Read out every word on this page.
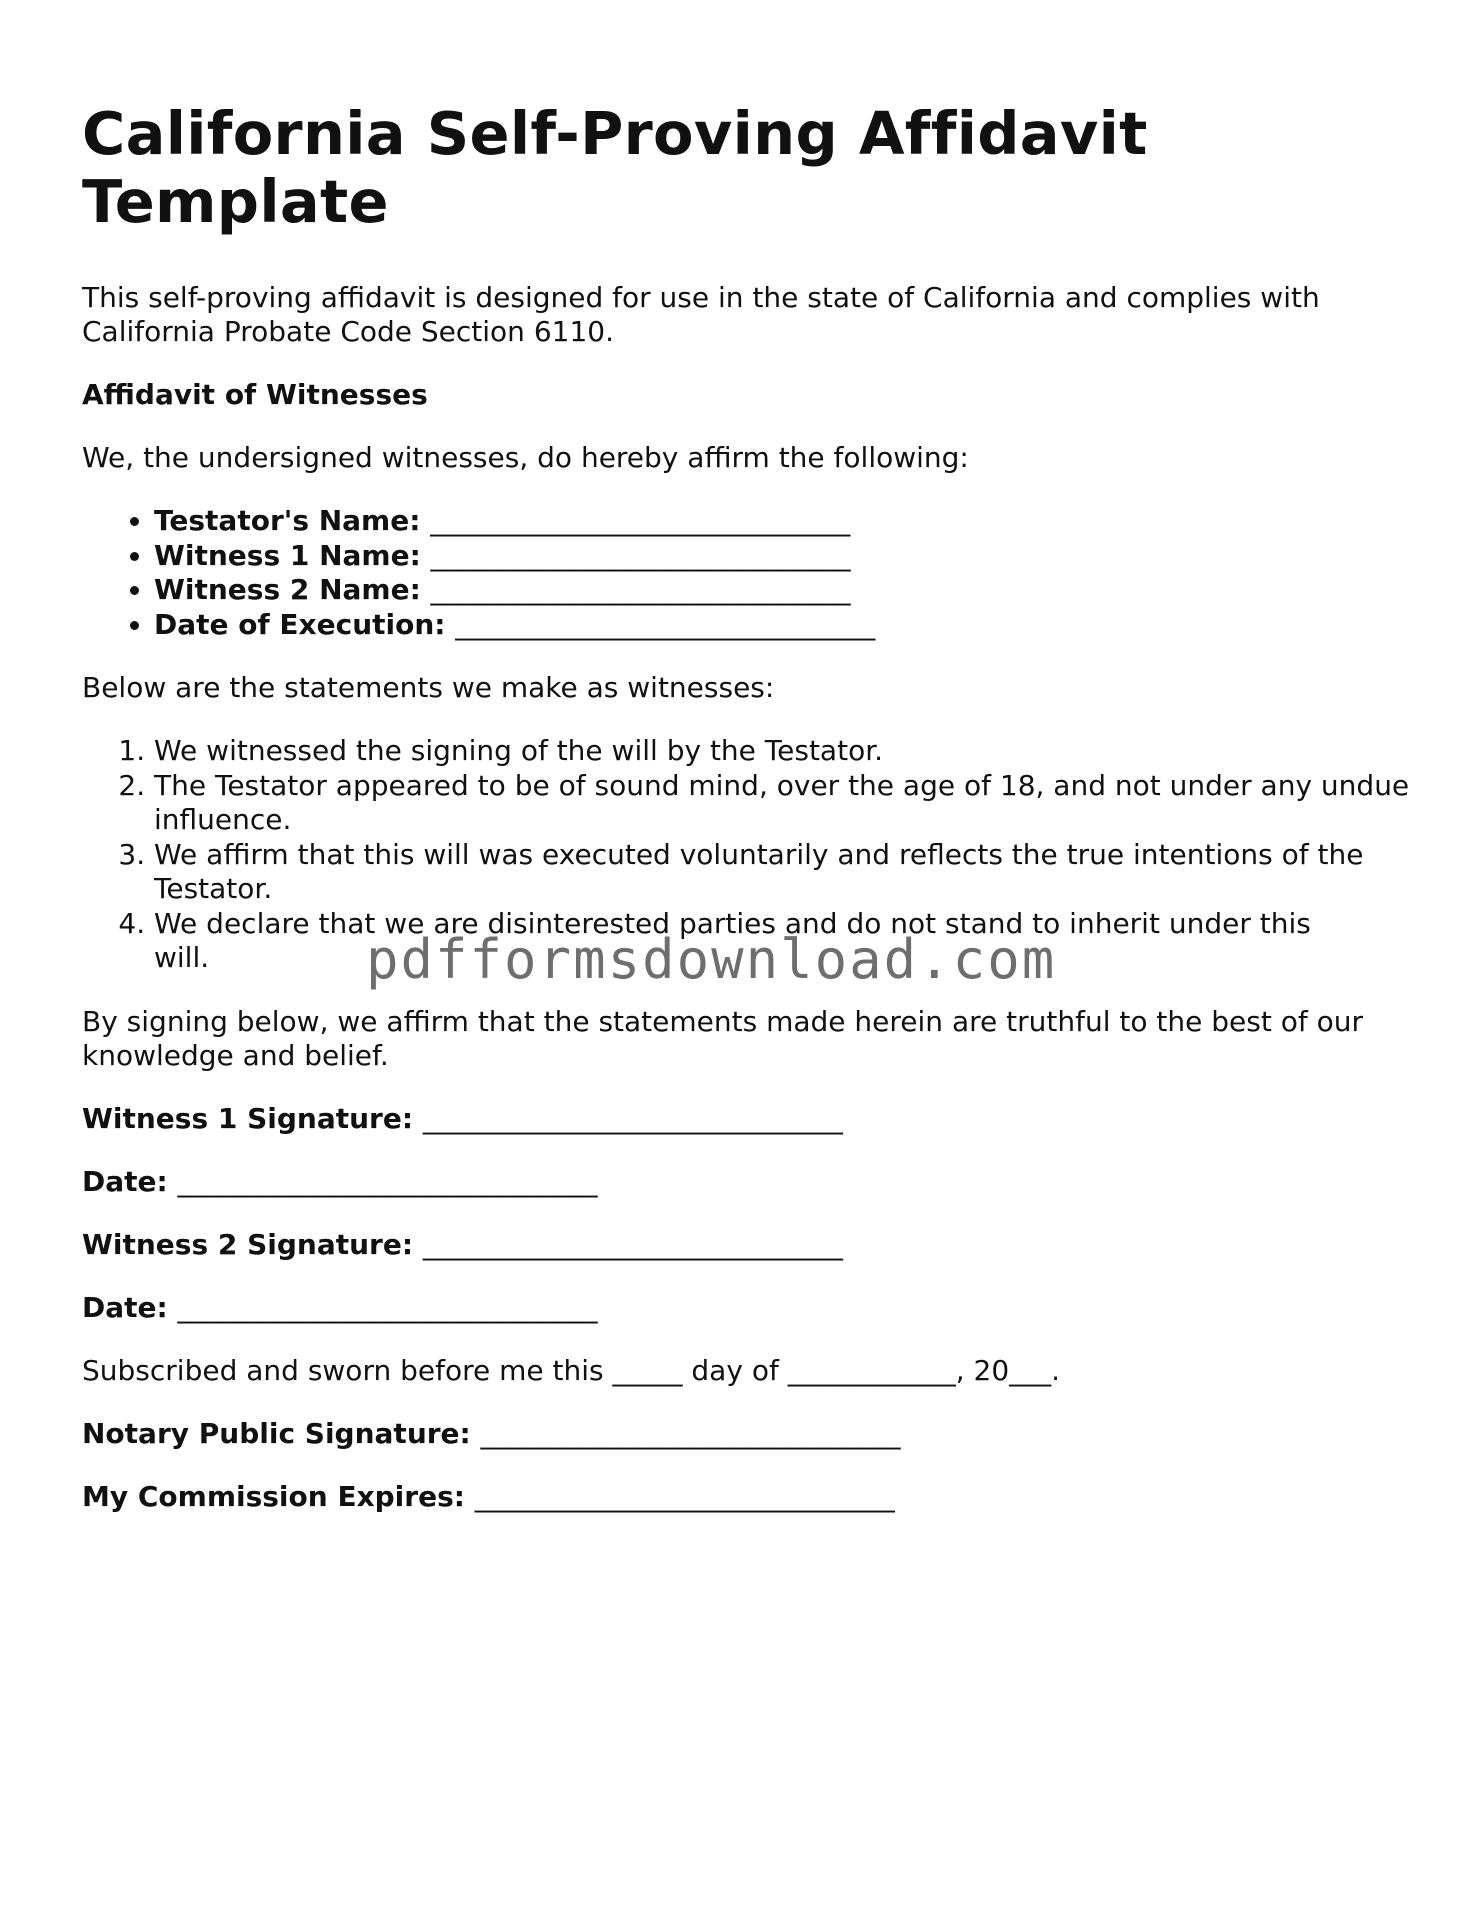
California Self-Proving Affidavit Template

This self-proving affidavit is designed for use in the state of California and complies with California Probate Code Section 6110.

Affidavit of Witnesses

We, the undersigned witnesses, do hereby affirm the following:

• Testator's Name: ______________________________
• Witness 1 Name: ______________________________
• Witness 2 Name: ______________________________
• Date of Execution: ______________________________

Below are the statements we make as witnesses:

1. We witnessed the signing of the will by the Testator.
2. The Testator appeared to be of sound mind, over the age of 18, and not under any undue influence.
3. We affirm that this will was executed voluntarily and reflects the true intentions of the Testator.
4. We declare that we are disinterested parties and do not stand to inherit under this will.

By signing below, we affirm that the statements made herein are truthful to the best of our knowledge and belief.

Witness 1 Signature: ______________________________

Date: ______________________________

Witness 2 Signature: ______________________________

Date: ______________________________

Subscribed and sworn before me this _____ day of ____________, 20___.

Notary Public Signature: ______________________________

My Commission Expires: ______________________________

pdfformsdownload.com
